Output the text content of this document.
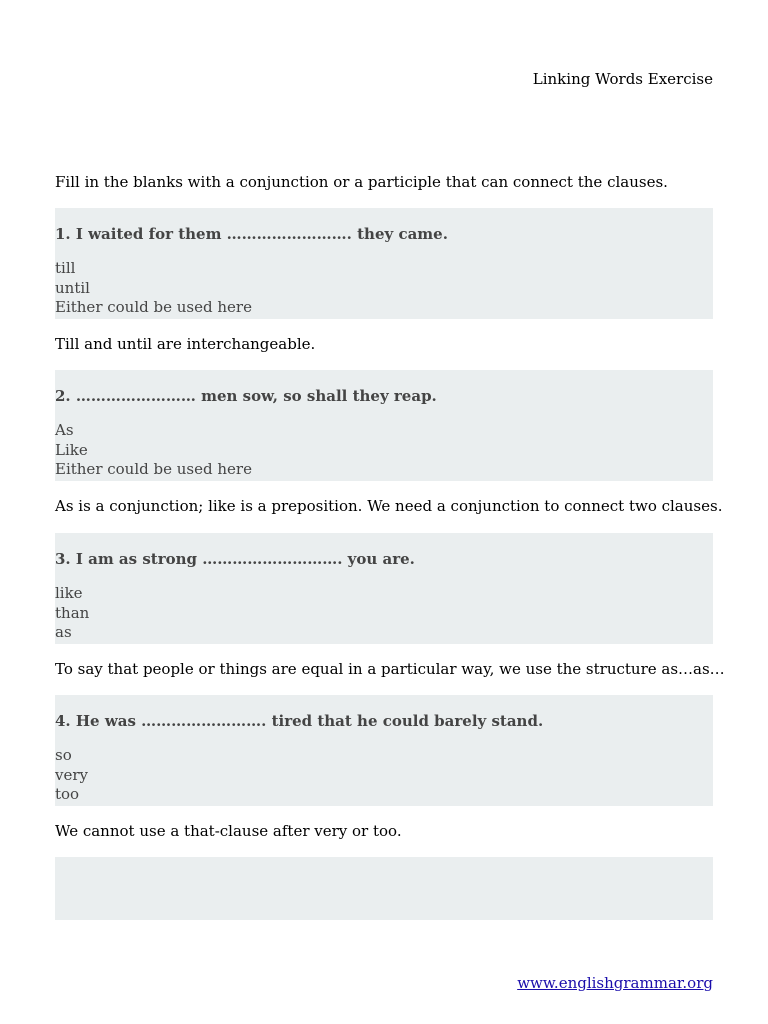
Linking Words Exercise
Fill in the blanks with a conjunction or a participle that can connect the clauses.
1. I waited for them ……………………. they came.
till
until
Either could be used here
Till and until are interchangeable.
2. …………………… men sow, so shall they reap.
As
Like
Either could be used here
As is a conjunction; like is a preposition. We need a conjunction to connect two clauses.
3. I am as strong ………………………. you are.
like
than
as
To say that people or things are equal in a particular way, we use the structure as…as…
4. He was ……………………. tired that he could barely stand.
so
very
too
We cannot use a that-clause after very or too.
www.englishgrammar.org
